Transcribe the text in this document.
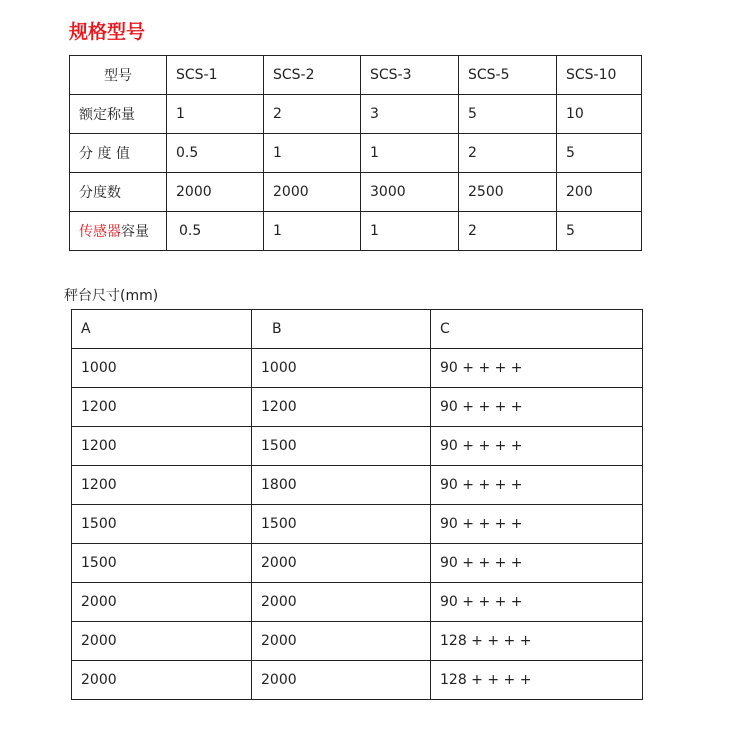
规格型号
型号	SCS-1	SCS-2	SCS-3	SCS-5	SCS-10
额定称量	1	2	3	5	10
分 度 值	0.5	1	1	2	5
分度数	2000	2000	3000	2500	200
传感器容量	0.5	1	1	2	5
秤台尺寸(mm)
A	B	C
1000	1000	90 + + + +
1200	1200	90 + + + +
1200	1500	90 + + + +
1200	1800	90 + + + +
1500	1500	90 + + + +
1500	2000	90 + + + +
2000	2000	90 + + + +
2000	2000	128 + + + +
2000	2000	128 + + + +
